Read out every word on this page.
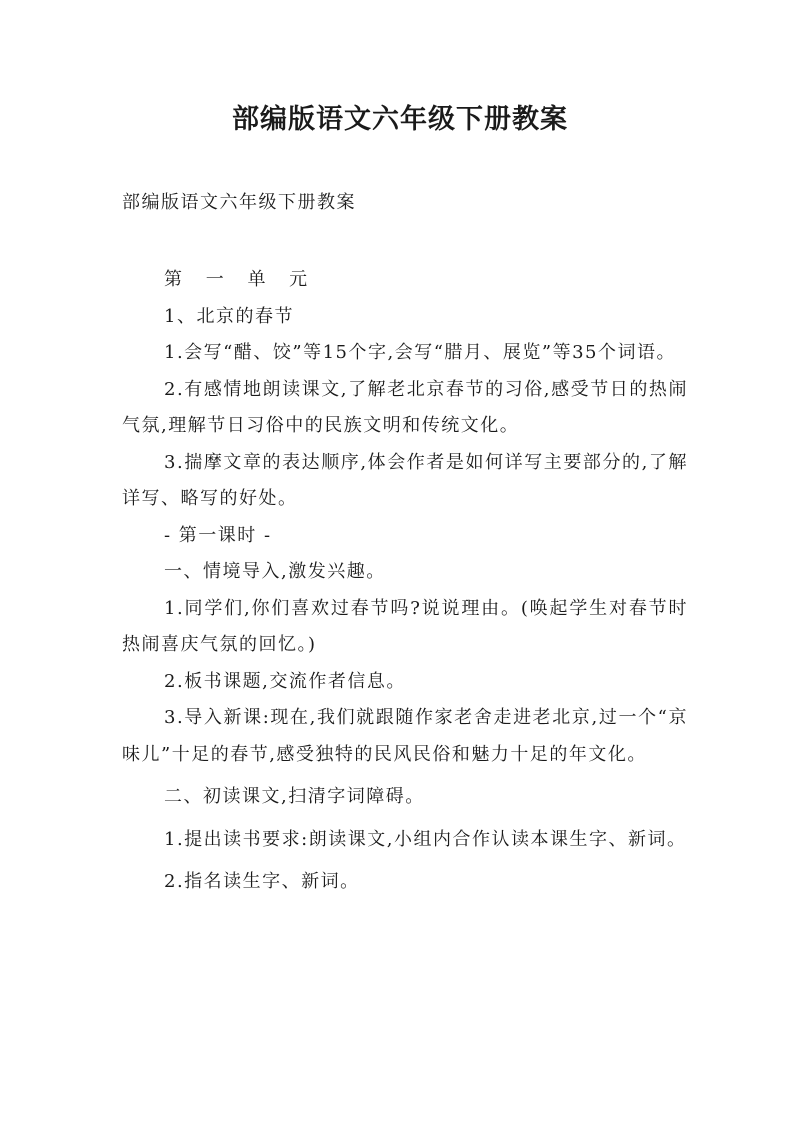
部编版语文六年级下册教案

部编版语文六年级下册教案

第 一 单 元

1、北京的春节

1.会写“醋、饺”等15个字,会写“腊月、展览”等35个词语。

2.有感情地朗读课文,了解老北京春节的习俗,感受节日的热闹气氛,理解节日习俗中的民族文明和传统文化。

3.揣摩文章的表达顺序,体会作者是如何详写主要部分的,了解详写、略写的好处。

- 第一课时 -

一、情境导入,激发兴趣。

1.同学们,你们喜欢过春节吗?说说理由。(唤起学生对春节时热闹喜庆气氛的回忆。)

2.板书课题,交流作者信息。

3.导入新课:现在,我们就跟随作家老舍走进老北京,过一个“京味儿”十足的春节,感受独特的民风民俗和魅力十足的年文化。

二、初读课文,扫清字词障碍。

1.提出读书要求:朗读课文,小组内合作认读本课生字、新词。

2.指名读生字、新词。
